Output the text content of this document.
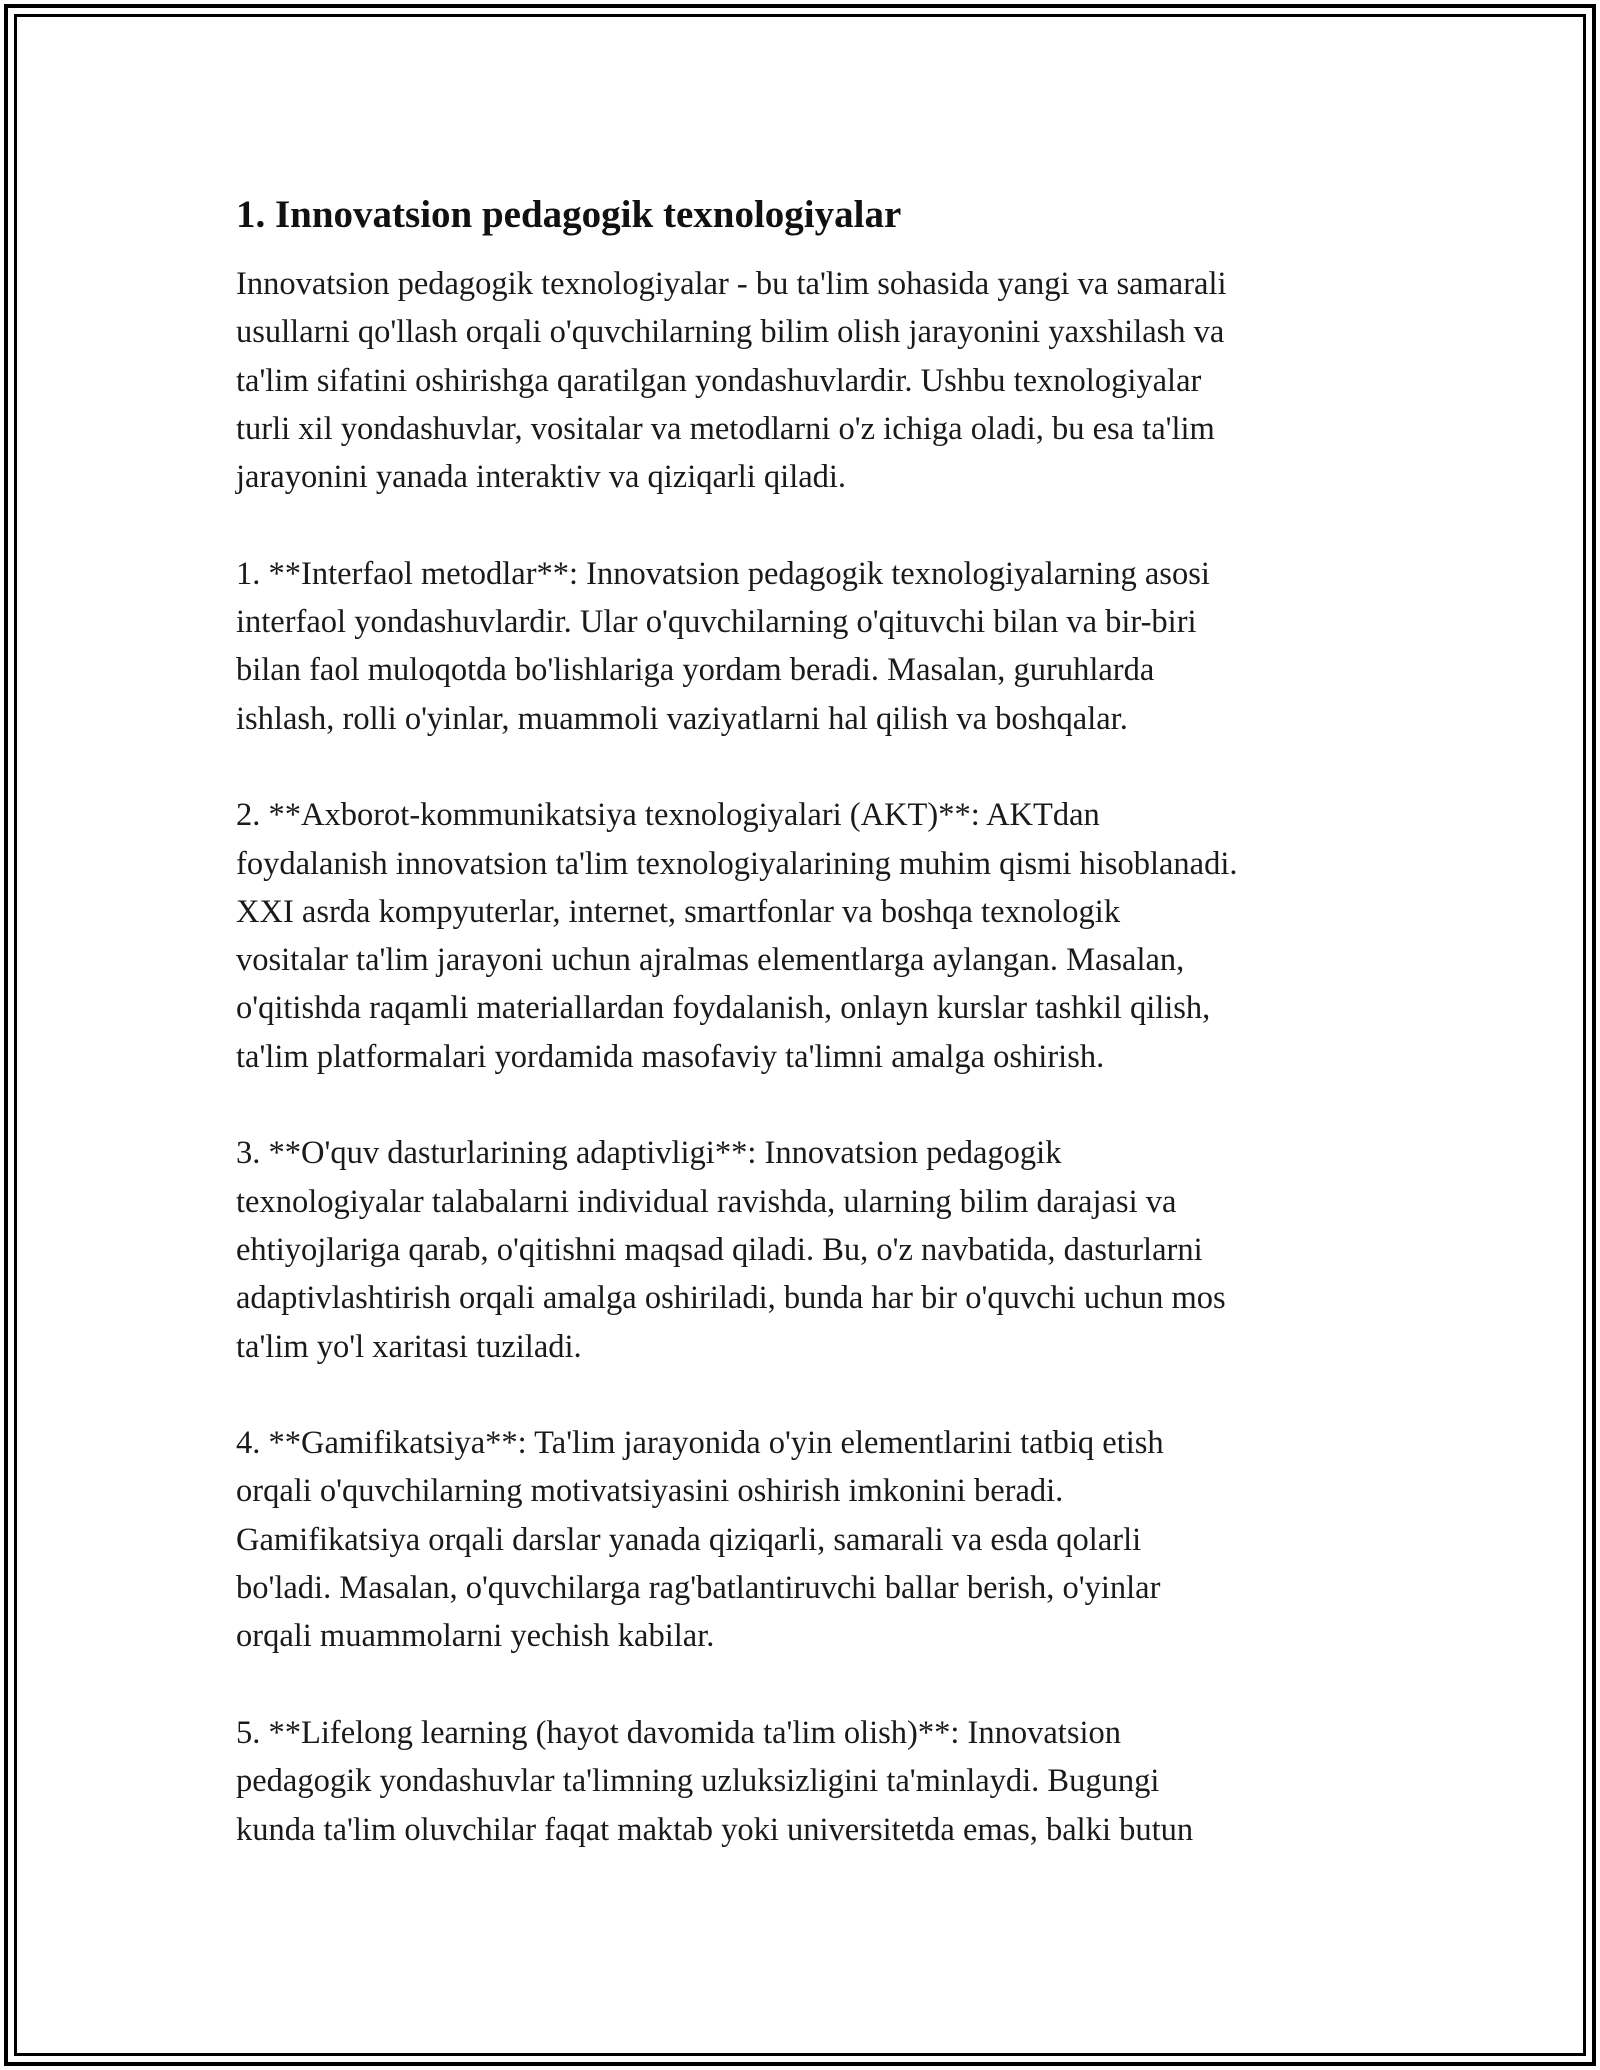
1. Innovatsion pedagogik texnologiyalar
Innovatsion pedagogik texnologiyalar - bu ta'lim sohasida yangi va samarali
usullarni qo'llash orqali o'quvchilarning bilim olish jarayonini yaxshilash va
ta'lim sifatini oshirishga qaratilgan yondashuvlardir. Ushbu texnologiyalar
turli xil yondashuvlar, vositalar va metodlarni o'z ichiga oladi, bu esa ta'lim
jarayonini yanada interaktiv va qiziqarli qiladi.
1. **Interfaol metodlar**: Innovatsion pedagogik texnologiyalarning asosi
interfaol yondashuvlardir. Ular o'quvchilarning o'qituvchi bilan va bir-biri
bilan faol muloqotda bo'lishlariga yordam beradi. Masalan, guruhlarda
ishlash, rolli o'yinlar, muammoli vaziyatlarni hal qilish va boshqalar.
2. **Axborot-kommunikatsiya texnologiyalari (AKT)**: AKTdan
foydalanish innovatsion ta'lim texnologiyalarining muhim qismi hisoblanadi.
XXI asrda kompyuterlar, internet, smartfonlar va boshqa texnologik
vositalar ta'lim jarayoni uchun ajralmas elementlarga aylangan. Masalan,
o'qitishda raqamli materiallardan foydalanish, onlayn kurslar tashkil qilish,
ta'lim platformalari yordamida masofaviy ta'limni amalga oshirish.
3. **O'quv dasturlarining adaptivligi**: Innovatsion pedagogik
texnologiyalar talabalarni individual ravishda, ularning bilim darajasi va
ehtiyojlariga qarab, o'qitishni maqsad qiladi. Bu, o'z navbatida, dasturlarni
adaptivlashtirish orqali amalga oshiriladi, bunda har bir o'quvchi uchun mos
ta'lim yo'l xaritasi tuziladi.
4. **Gamifikatsiya**: Ta'lim jarayonida o'yin elementlarini tatbiq etish
orqali o'quvchilarning motivatsiyasini oshirish imkonini beradi.
Gamifikatsiya orqali darslar yanada qiziqarli, samarali va esda qolarli
bo'ladi. Masalan, o'quvchilarga rag'batlantiruvchi ballar berish, o'yinlar
orqali muammolarni yechish kabilar.
5. **Lifelong learning (hayot davomida ta'lim olish)**: Innovatsion
pedagogik yondashuvlar ta'limning uzluksizligini ta'minlaydi. Bugungi
kunda ta'lim oluvchilar faqat maktab yoki universitetda emas, balki butun
